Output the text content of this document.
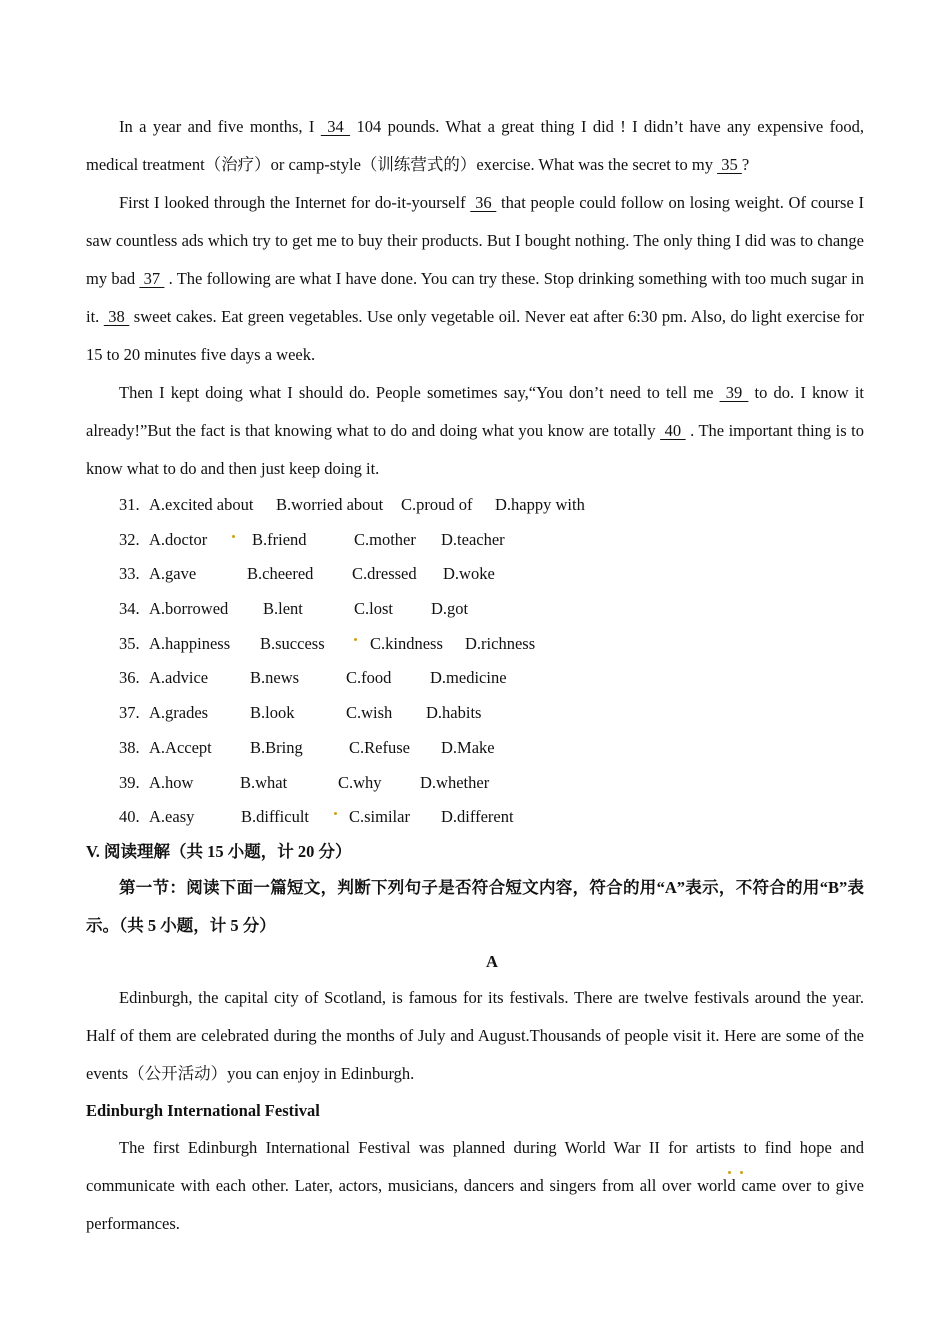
In a year and five months, I  34  104 pounds. What a great thing I did ! I didn’t have any expensive food, medical treatment（治疗）or camp-style（训练营式的）exercise. What was the secret to my  35 ?

First I looked through the Internet for do-it-yourself  36  that people could follow on losing weight. Of course I saw countless ads which try to get me to buy their products. But I bought nothing. The only thing I did was to change my bad  37  . The following are what I have done. You can try these. Stop drinking something with too much sugar in it.  38  sweet cakes. Eat green vegetables. Use only vegetable oil. Never eat after 6:30 pm. Also, do light exercise for 15 to 20 minutes five days a week.

Then I kept doing what I should do. People sometimes say,“You don’t need to tell me  39  to do. I know it already!”But the fact is that knowing what to do and doing what you know are totally  40  . The important thing is to know what to do and then just keep doing it.

31. A.excited about B.worried about C.proud of D.happy with
32. A.doctor	B.friend	C.mother D.teacher
33. A.gave	B.cheered C.dressed D.woke
34. A.borrowed B.lent	C.lost D.got
35. A.happiness B.success	C.kindness D.richness
36. A.advice	B.news	C.food D.medicine
37. A.grades	B.look	C.wish D.habits
38. A.Accept B.Bring	C.Refuse D.Make
39. A.how	B.what	C.why D.whether
40. A.easy	B.difficult C.similar D.different
V. 阅读理解（共 15 小题，计 20 分）

第一节：阅读下面一篇短文，判断下列句子是否符合短文内容，符合的用“A”表示，不符合的用“B”表示。（共 5 小题，计 5 分）

A

Edinburgh, the capital city of Scotland, is famous for its festivals. There are twelve festivals around the year. Half of them are celebrated during the months of July and August.Thousands of people visit it. Here are some of the events（公开活动）you can enjoy in Edinburgh.

Edinburgh International Festival

The first Edinburgh International Festival was planned during World War II for artists to find hope and communicate with each other. Later, actors, musicians, dancers and singers from all over world came over to give performances.
